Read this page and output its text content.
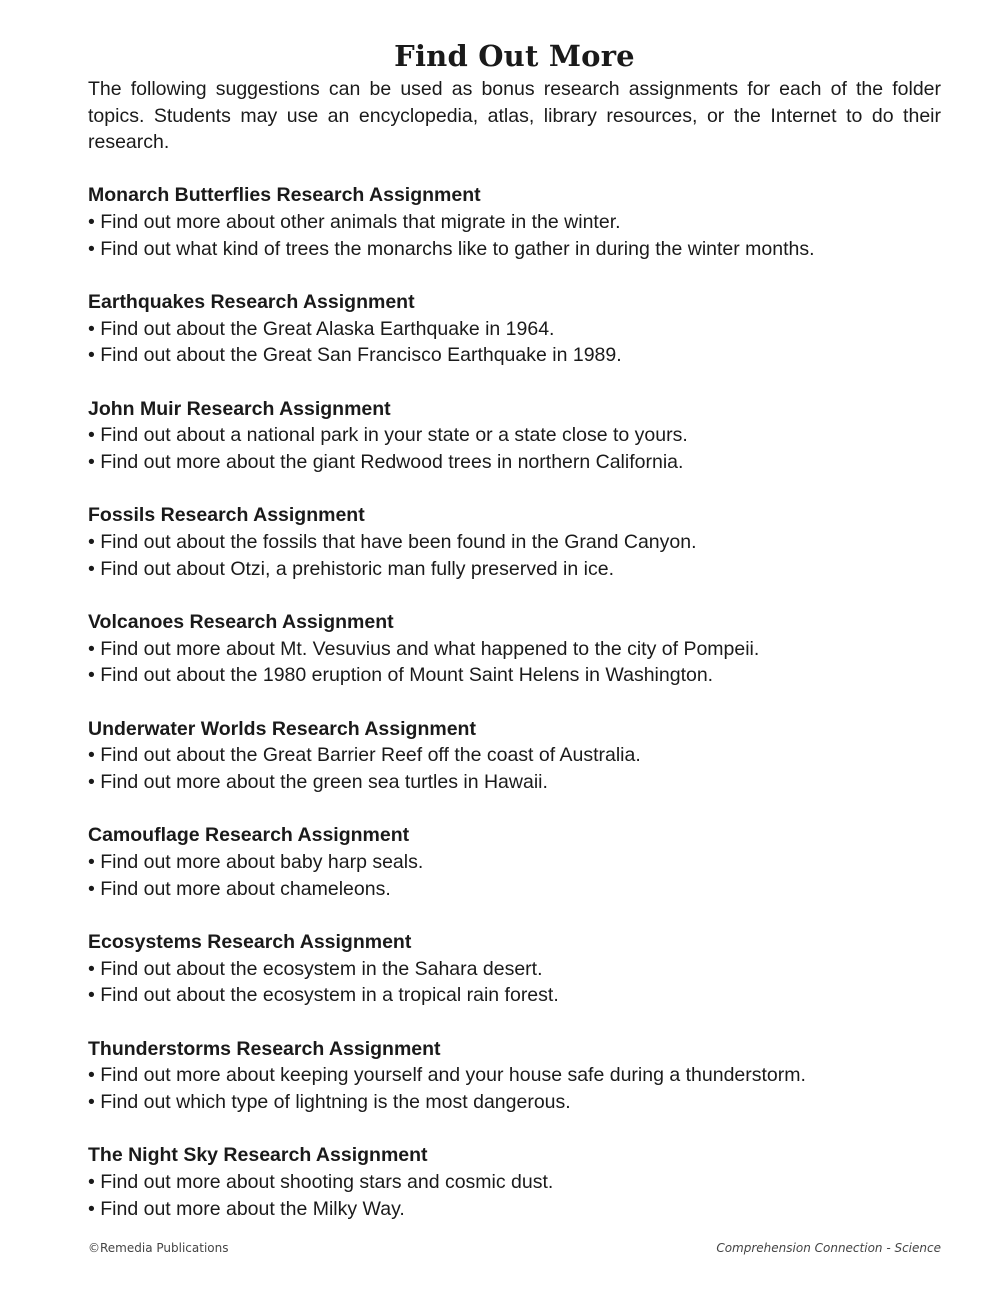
Find Out More

The following suggestions can be used as bonus research assignments for each of the folder topics. Students may use an encyclopedia, atlas, library resources, or the Internet to do their research.

Monarch Butterflies Research Assignment

• Find out more about other animals that migrate in the winter.

• Find out what kind of trees the monarchs like to gather in during the winter months.

Earthquakes Research Assignment

• Find out about the Great Alaska Earthquake in 1964.

• Find out about the Great San Francisco Earthquake in 1989.

John Muir Research Assignment

• Find out about a national park in your state or a state close to yours.

• Find out more about the giant Redwood trees in northern California.

Fossils Research Assignment

• Find out about the fossils that have been found in the Grand Canyon.

• Find out about Otzi, a prehistoric man fully preserved in ice.

Volcanoes Research Assignment

• Find out more about Mt. Vesuvius and what happened to the city of Pompeii.

• Find out about the 1980 eruption of Mount Saint Helens in Washington.

Underwater Worlds Research Assignment

• Find out about the Great Barrier Reef off the coast of Australia.

• Find out more about the green sea turtles in Hawaii.

Camouflage Research Assignment

• Find out more about baby harp seals.

• Find out more about chameleons.

Ecosystems Research Assignment

• Find out about the ecosystem in the Sahara desert.

• Find out about the ecosystem in a tropical rain forest.

Thunderstorms Research Assignment

• Find out more about keeping yourself and your house safe during a thunderstorm.

• Find out which type of lightning is the most dangerous.

The Night Sky Research Assignment

• Find out more about shooting stars and cosmic dust.

• Find out more about the Milky Way.

©Remedia Publications	Comprehension Connection - Science
